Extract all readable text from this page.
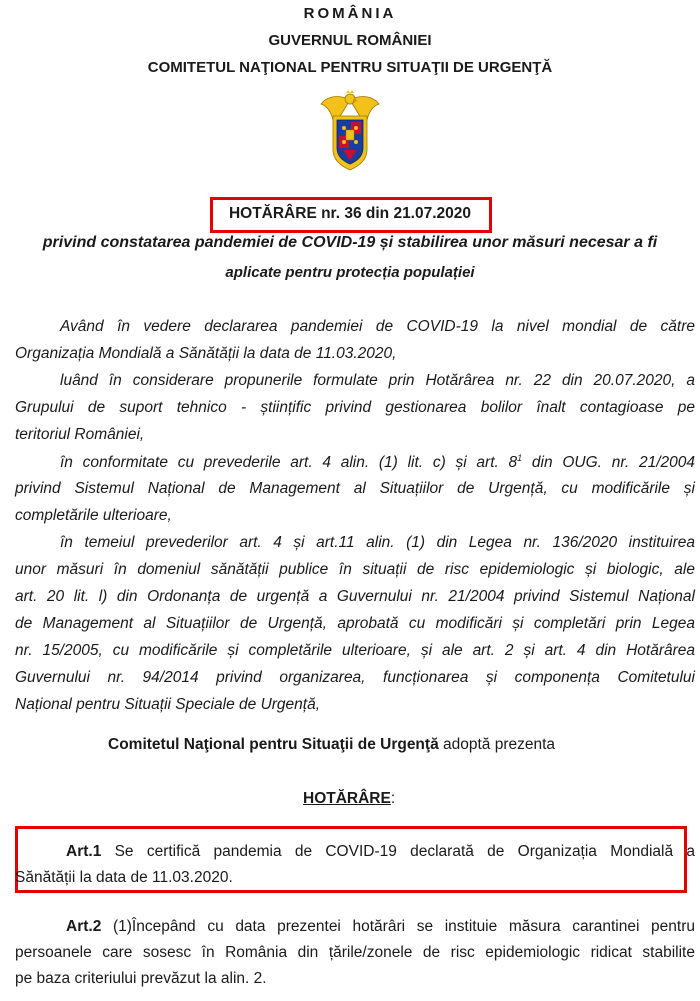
ROMÂNIA
GUVERNUL ROMÂNIEI
COMITETUL NAŢIONAL PENTRU SITUAŢII DE URGENŢĂ
HOTĂRÂRE nr. 36 din 21.07.2020
privind constatarea pandemiei de COVID-19 și stabilirea unor măsuri necesar a fi
aplicate pentru protecția populației
Având în vedere declararea pandemiei de COVID-19 la nivel mondial de către
Organizația Mondială a Sănătății la data de 11.03.2020,
luând în considerare propunerile formulate prin Hotărârea nr. 22 din 20.07.2020, a
Grupului de suport tehnico - științific privind gestionarea bolilor înalt contagioase pe
teritoriul României,
în conformitate cu prevederile art. 4 alin. (1) lit. c) și art. $8^1$ din OUG. nr. 21/2004
privind Sistemul Național de Management al Situațiilor de Urgență, cu modificările și
completările ulterioare,
în temeiul prevederilor art. 4 și art.11 alin. (1) din Legea nr. 136/2020 instituirea
unor măsuri în domeniul sănătății publice în situații de risc epidemiologic și biologic, ale
art. 20 lit. l) din Ordonanța de urgență a Guvernului nr. 21/2004 privind Sistemul Național
de Management al Situațiilor de Urgență, aprobată cu modificări și completări prin Legea
nr. 15/2005, cu modificările și completările ulterioare, și ale art. 2 și art. 4 din Hotărârea
Guvernului nr. 94/2014 privind organizarea, funcționarea și componența Comitetului
Național pentru Situații Speciale de Urgență,
Comitetul Naţional pentru Situaţii de Urgenţă adoptă prezenta
HOTĂRÂRE:
Art.1 Se certifică pandemia de COVID-19 declarată de Organizația Mondială a
Sănătății la data de 11.03.2020.
Art.2 (1)Începând cu data prezentei hotărâri se instituie măsura carantinei pentru
persoanele care sosesc în România din țările/zonele de risc epidemiologic ridicat stabilite
pe baza criteriului prevăzut la alin. 2.
